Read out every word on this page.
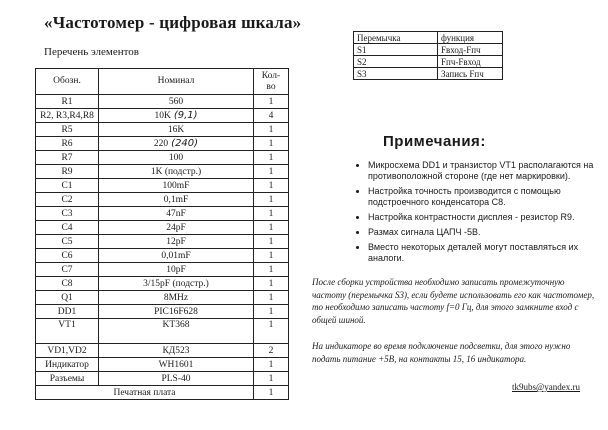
«Частотомер - цифровая шкала»
Перечень элементов
Обозн.	Номинал	Кол-во
R1	560	1
R2, R3,R4,R8	10K (9,1)	4
R5	16K	1
R6	220 (240)	1
R7	100	1
R9	1K (подстр.)	1
C1	100mF	1
C2	0,1mF	1
C3	47nF	1
C4	24pF	1
C5	12pF	1
C6	0,01mF	1
C7	10pF	1
C8	3/15pF (подстр.)	1
Q1	8MHz	1
DD1	PIC16F628	1
VT1	KT368	1
VD1,VD2	КД523	2
Индикатор	WH1601	1
Разъемы	PLS-40	1
Печатная плата		1
Перемычка	функция
S1	Fвход-Fпч
S2	Fпч-Fвход
S3	Запись Fпч
Примечания:
• Микросхема DD1 и транзистор VT1 располагаются на противоположной стороне (где нет маркировки).
• Настройка точность производится с помощью подстроечного конденсатора C8.
• Настройка контрастности дисплея - резистор R9.
• Размах сигнала ЦАПЧ -5В.
• Вместо некоторых деталей могут поставляться их аналоги.
После сборки устройства необходимо записать промежуточную частоту (перемычка S3), если будете использовать его как частотомер, то необходимо записать частоту f=0 Гц, для этого замкните вход с общей шиной.
На индикаторе во время подключение подсветки, для этого нужно подать питание +5В, на контакты 15, 16 индикатора.
tk9ubs@yandex.ru
